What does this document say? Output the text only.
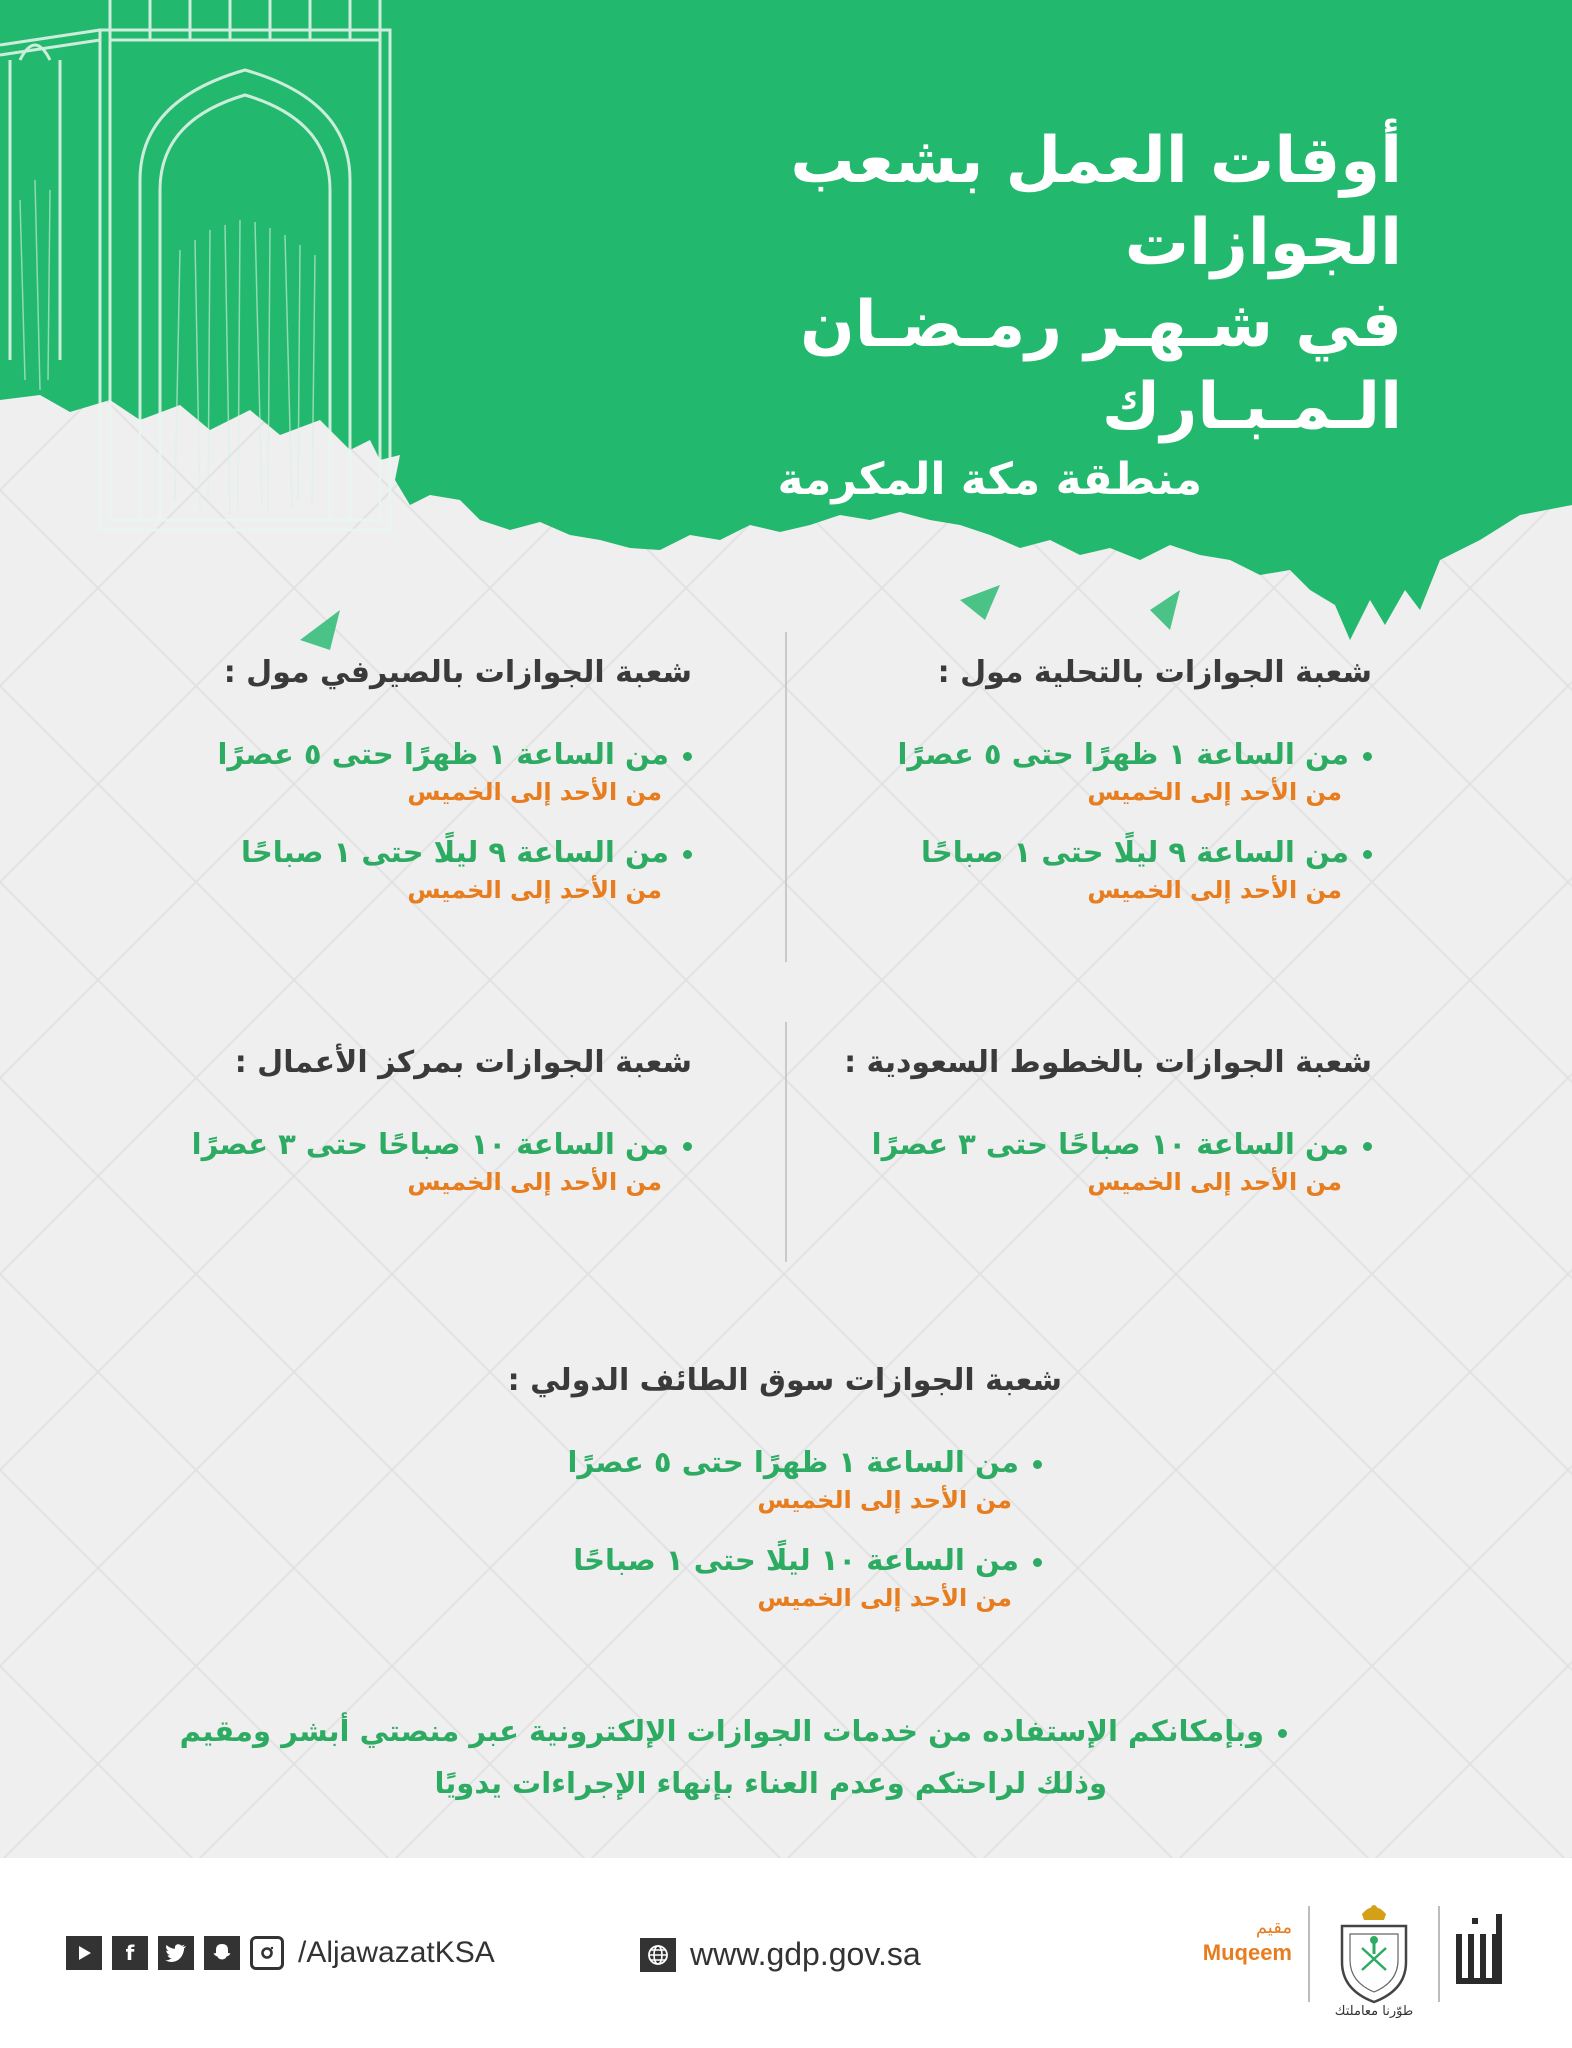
أوقات العمل بشعب الجوازات
في شـهـر رمـضـان الـمـبـارك
منطقة مكة المكرمة
شعبة الجوازات بالتحلية مول :
من الساعة ١ ظهرًا حتى ٥ عصرًا
من الأحد إلى الخميس
من الساعة ٩ ليلًا حتى ١ صباحًا
من الأحد إلى الخميس
شعبة الجوازات بالصيرفي مول :
من الساعة ١ ظهرًا حتى ٥ عصرًا
من الأحد إلى الخميس
من الساعة ٩ ليلًا حتى ١ صباحًا
من الأحد إلى الخميس
شعبة الجوازات بالخطوط السعودية :
من الساعة ١٠ صباحًا حتى ٣ عصرًا
من الأحد إلى الخميس
شعبة الجوازات بمركز الأعمال :
من الساعة ١٠ صباحًا حتى ٣ عصرًا
من الأحد إلى الخميس
شعبة الجوازات سوق الطائف الدولي :
من الساعة ١ ظهرًا حتى ٥ عصرًا
من الأحد إلى الخميس
من الساعة ١٠ ليلًا حتى ١ صباحًا
من الأحد إلى الخميس
وبإمكانكم الإستفاده من خدمات الجوازات الإلكترونية عبر منصتي أبشر ومقيم
وذلك لراحتكم وعدم العناء بإنهاء الإجراءات يدويًا
f	/AljawazatKSA	www.gdp.gov.sa
مقيم
Muqeem
طوّرنا معاملتك
